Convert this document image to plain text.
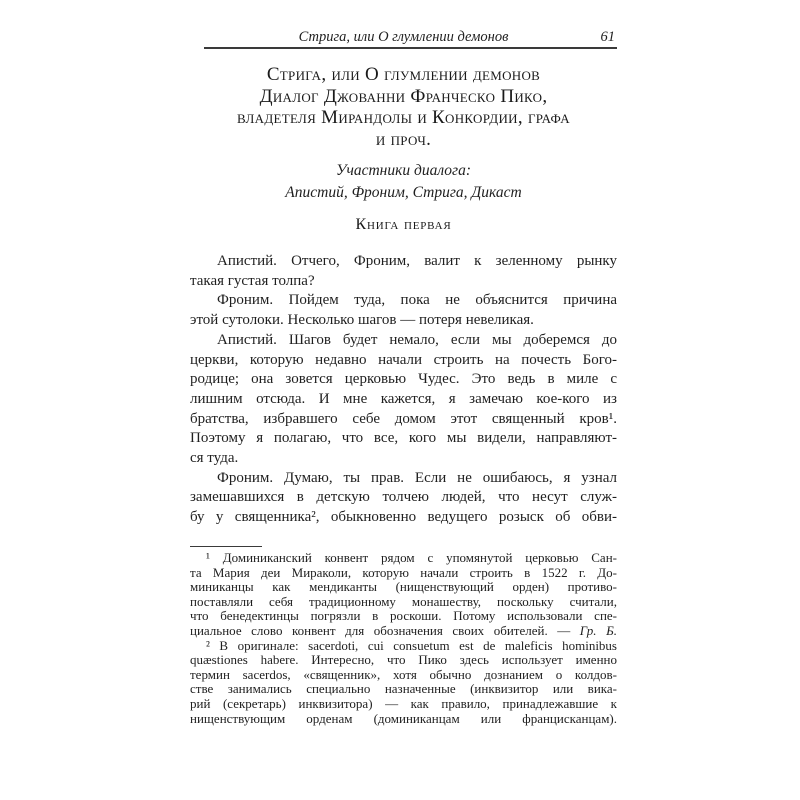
Стрига, или О глумлении демонов	61
Стрига, или О глумлении демонов
Диалог Джованни Франческо Пико,
владетеля Мирандолы и Конкордии, графа
и проч.
Участники диалога:
Апистий, Фроним, Стрига, Дикаст
Книга первая
Апистий. Отчего, Фроним, валит к зеленному рынку
такая густая толпа?
Фроним. Пойдем туда, пока не объяснится причина
этой сутолоки. Несколько шагов — потеря невеликая.
Апистий. Шагов будет немало, если мы доберемся до
церкви, которую недавно начали строить на почесть Бого-
родице; она зовется церковью Чудес. Это ведь в миле с
лишним отсюда. И мне кажется, я замечаю кое-кого из
братства, избравшего себе домом этот священный кров¹.
Поэтому я полагаю, что все, кого мы видели, направляют-
ся туда.
Фроним. Думаю, ты прав. Если не ошибаюсь, я узнал
замешавшихся в детскую толчею людей, что несут служ-
бу у священника², обыкновенно ведущего розыск об обви-
¹ Доминиканский конвент рядом с упомянутой церковью Сан-
та Мария деи Мираколи, которую начали строить в 1522 г. До-
миниканцы как мендиканты (нищенствующий орден) противо-
поставляли себя традиционному монашеству, поскольку считали,
что бенедектинцы погрязли в роскоши. Потому использовали спе-
циальное слово конвент для обозначения своих обителей. — Гр. Б.
² В оригинале: sacerdoti, cui consuetum est de maleficis hominibus
quæstiones habere. Интересно, что Пико здесь использует именно
термин sacerdos, «священник», хотя обычно дознанием о колдов-
стве занимались специально назначенные (инквизитор или вика-
рий (секретарь) инквизитора) — как правило, принадлежавшие к
нищенствующим орденам (доминиканцам или францисканцам).
